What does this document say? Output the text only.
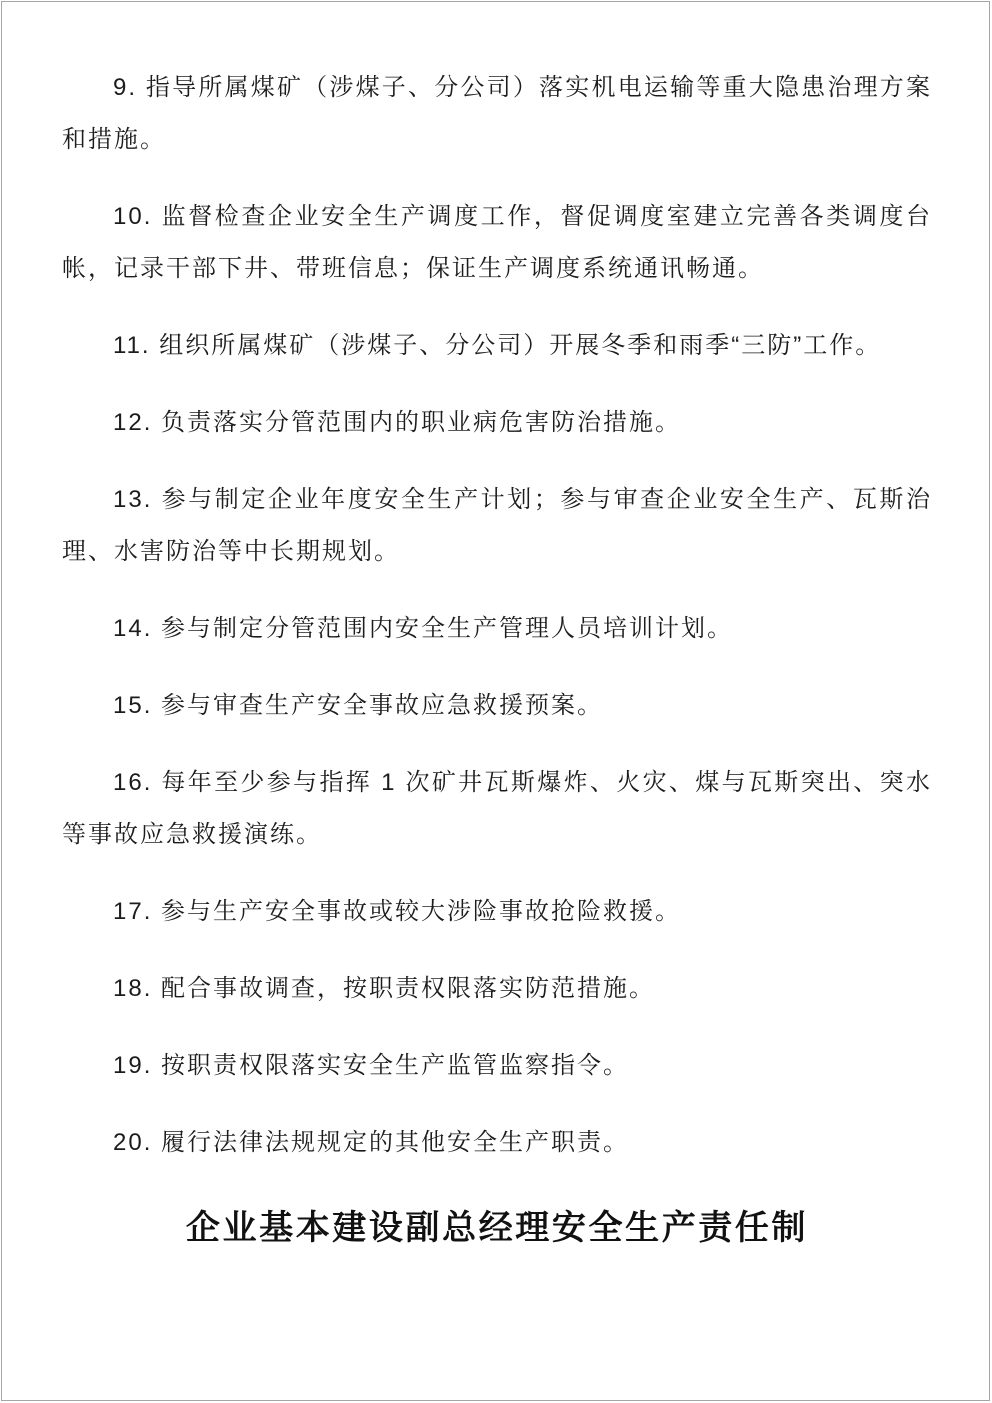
9. 指导所属煤矿（涉煤子、分公司）落实机电运输等重大隐患治理方案和措施。

10. 监督检查企业安全生产调度工作，督促调度室建立完善各类调度台帐，记录干部下井、带班信息；保证生产调度系统通讯畅通。

11. 组织所属煤矿（涉煤子、分公司）开展冬季和雨季“三防”工作。

12. 负责落实分管范围内的职业病危害防治措施。

13. 参与制定企业年度安全生产计划；参与审查企业安全生产、瓦斯治理、水害防治等中长期规划。

14. 参与制定分管范围内安全生产管理人员培训计划。

15. 参与审查生产安全事故应急救援预案。

16. 每年至少参与指挥 1 次矿井瓦斯爆炸、火灾、煤与瓦斯突出、突水等事故应急救援演练。

17. 参与生产安全事故或较大涉险事故抢险救援。

18. 配合事故调查，按职责权限落实防范措施。

19. 按职责权限落实安全生产监管监察指令。

20. 履行法律法规规定的其他安全生产职责。

企业基本建设副总经理安全生产责任制
